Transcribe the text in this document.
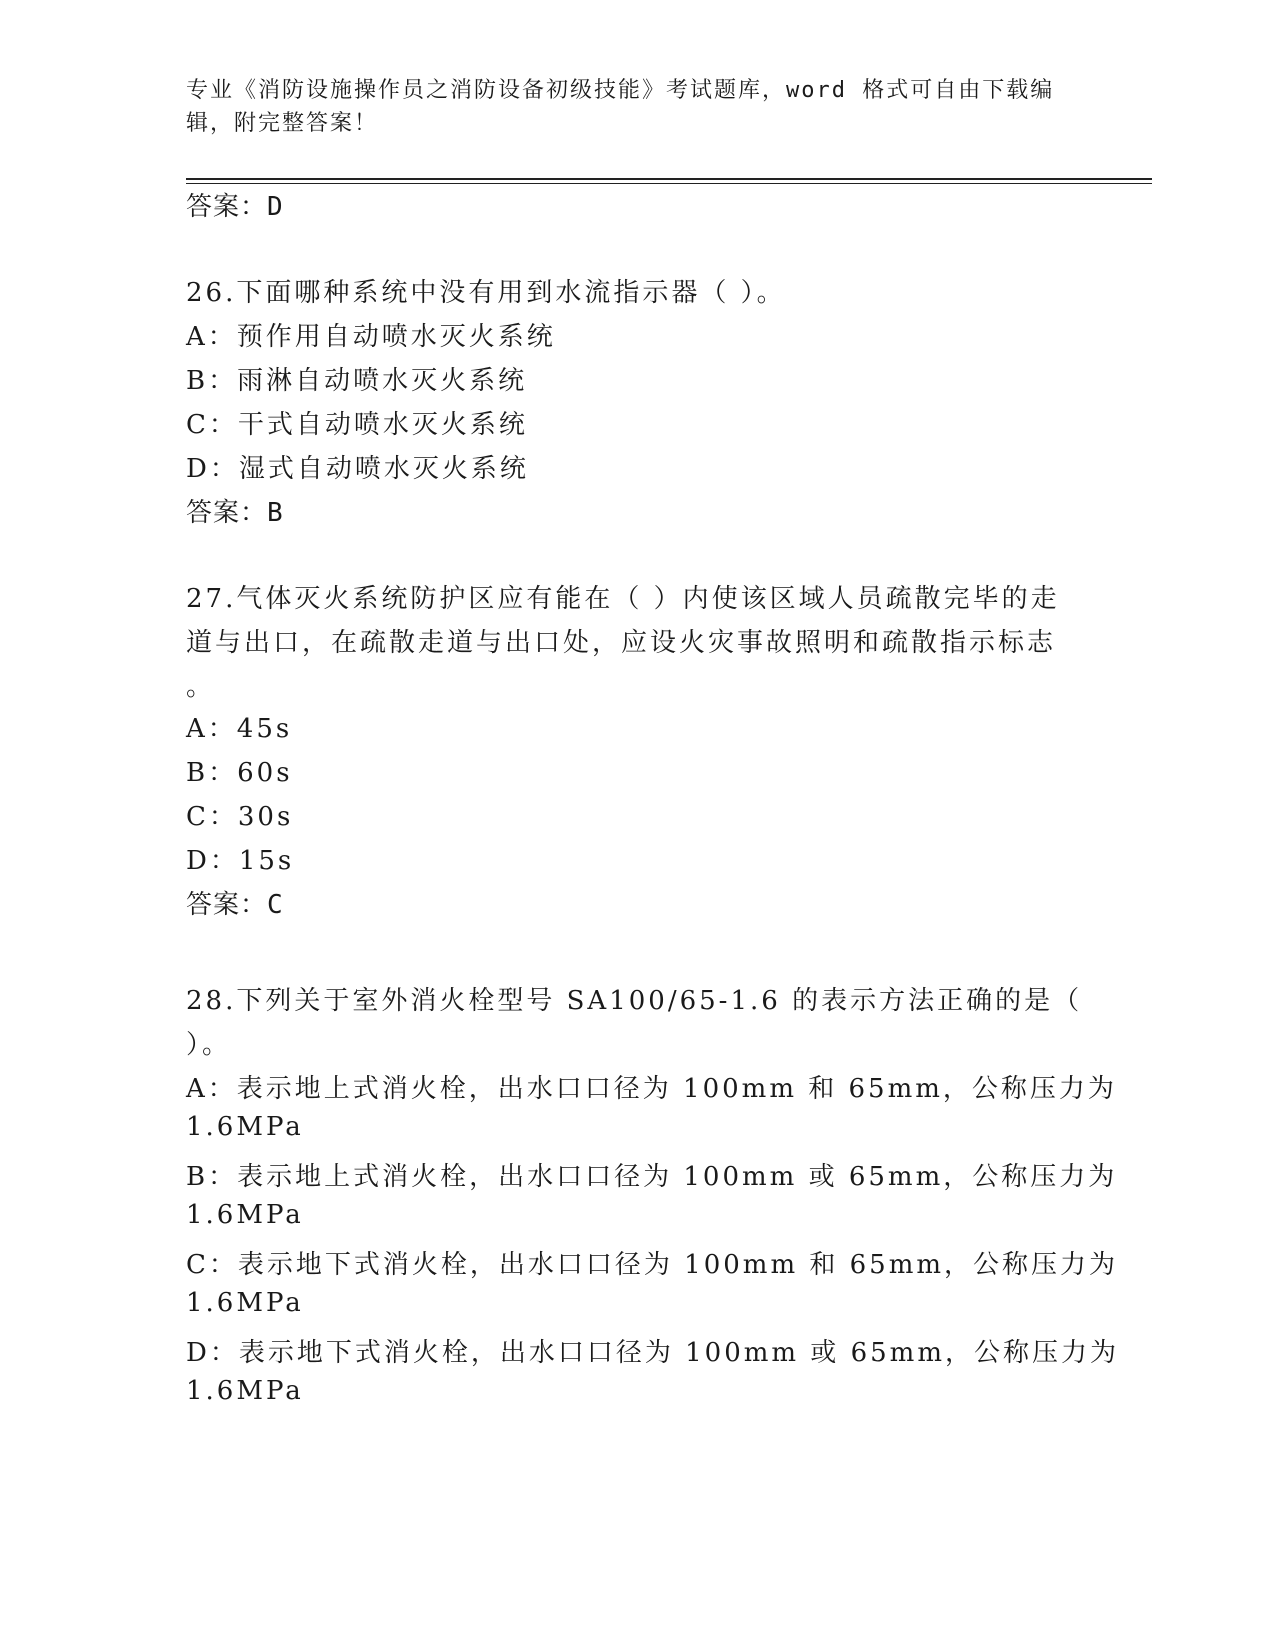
专业《消防设施操作员之消防设备初级技能》考试题库，word 格式可自由下载编
辑，附完整答案！
答案：D
26.下面哪种系统中没有用到水流指示器（ ）。
A：预作用自动喷水灭火系统
B：雨淋自动喷水灭火系统
C：干式自动喷水灭火系统
D：湿式自动喷水灭火系统
答案：B
27.气体灭火系统防护区应有能在（ ）内使该区域人员疏散完毕的走
道与出口，在疏散走道与出口处，应设火灾事故照明和疏散指示标志
。
A：45s
B：60s
C：30s
D：15s
答案：C
28.下列关于室外消火栓型号 SA100/65-1.6 的表示方法正确的是（
）。
A：表示地上式消火栓，出水口口径为 100mm 和 65mm，公称压力为
1.6MPa
B：表示地上式消火栓，出水口口径为 100mm 或 65mm，公称压力为
1.6MPa
C：表示地下式消火栓，出水口口径为 100mm 和 65mm，公称压力为
1.6MPa
D：表示地下式消火栓，出水口口径为 100mm 或 65mm，公称压力为
1.6MPa
